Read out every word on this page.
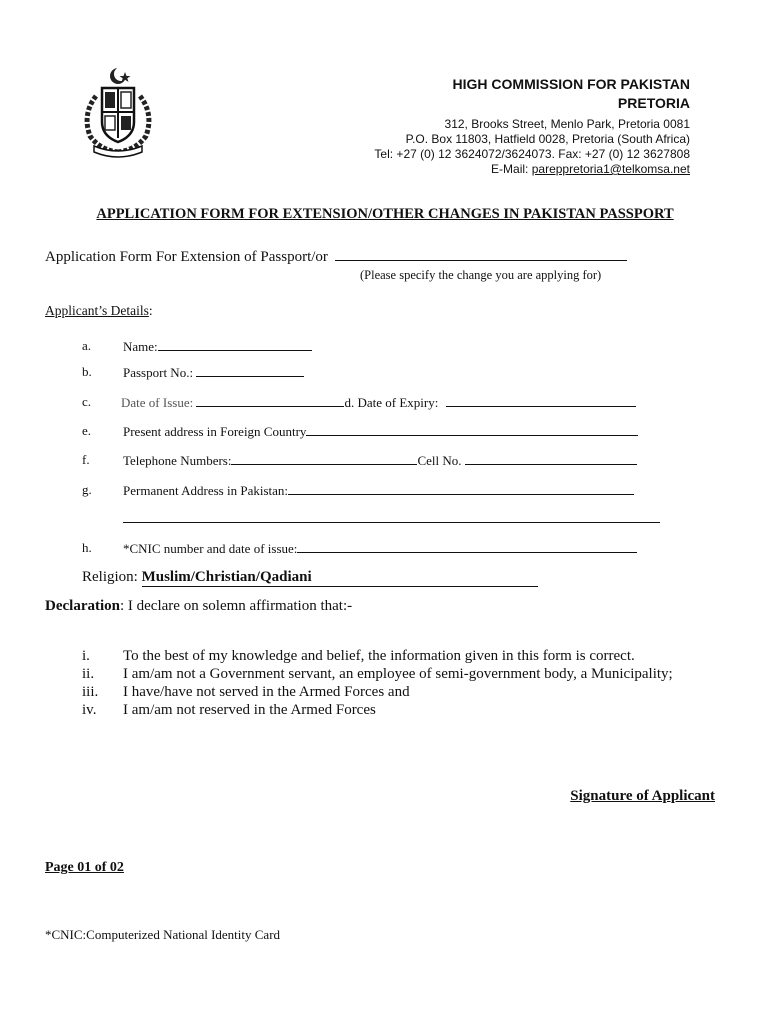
HIGH COMMISSION FOR PAKISTAN
PRETORIA
312, Brooks Street, Menlo Park, Pretoria 0081
P.O. Box 11803, Hatfield 0028, Pretoria (South Africa)
Tel: +27 (0) 12 3624072/3624073. Fax: +27 (0) 12 3627808
E-Mail: pareppretoria1@telkomsa.net
APPLICATION FORM FOR EXTENSION/OTHER CHANGES IN PAKISTAN PASSPORT
Application Form For Extension of Passport/or
(Please specify the change you are applying for)
Applicant’s Details:
a. Name:
b. Passport No.:
c. Date of Issue:	d. Date of Expiry:
e. Present address in Foreign Country
f.	Telephone Numbers:	Cell No.
g. Permanent Address in Pakistan:
h. *CNIC number and date of issue:
Religion: Muslim/Christian/Qadiani
Declaration: I declare on solemn affirmation that:-
i. To the best of my knowledge and belief, the information given in this form is correct.
ii. I am/am not a Government servant, an employee of semi-government body, a Municipality;
iii. I have/have not served in the Armed Forces and
iv. I am/am not reserved in the Armed Forces
Signature of Applicant
Page 01 of 02
*CNIC:Computerized National Identity Card
